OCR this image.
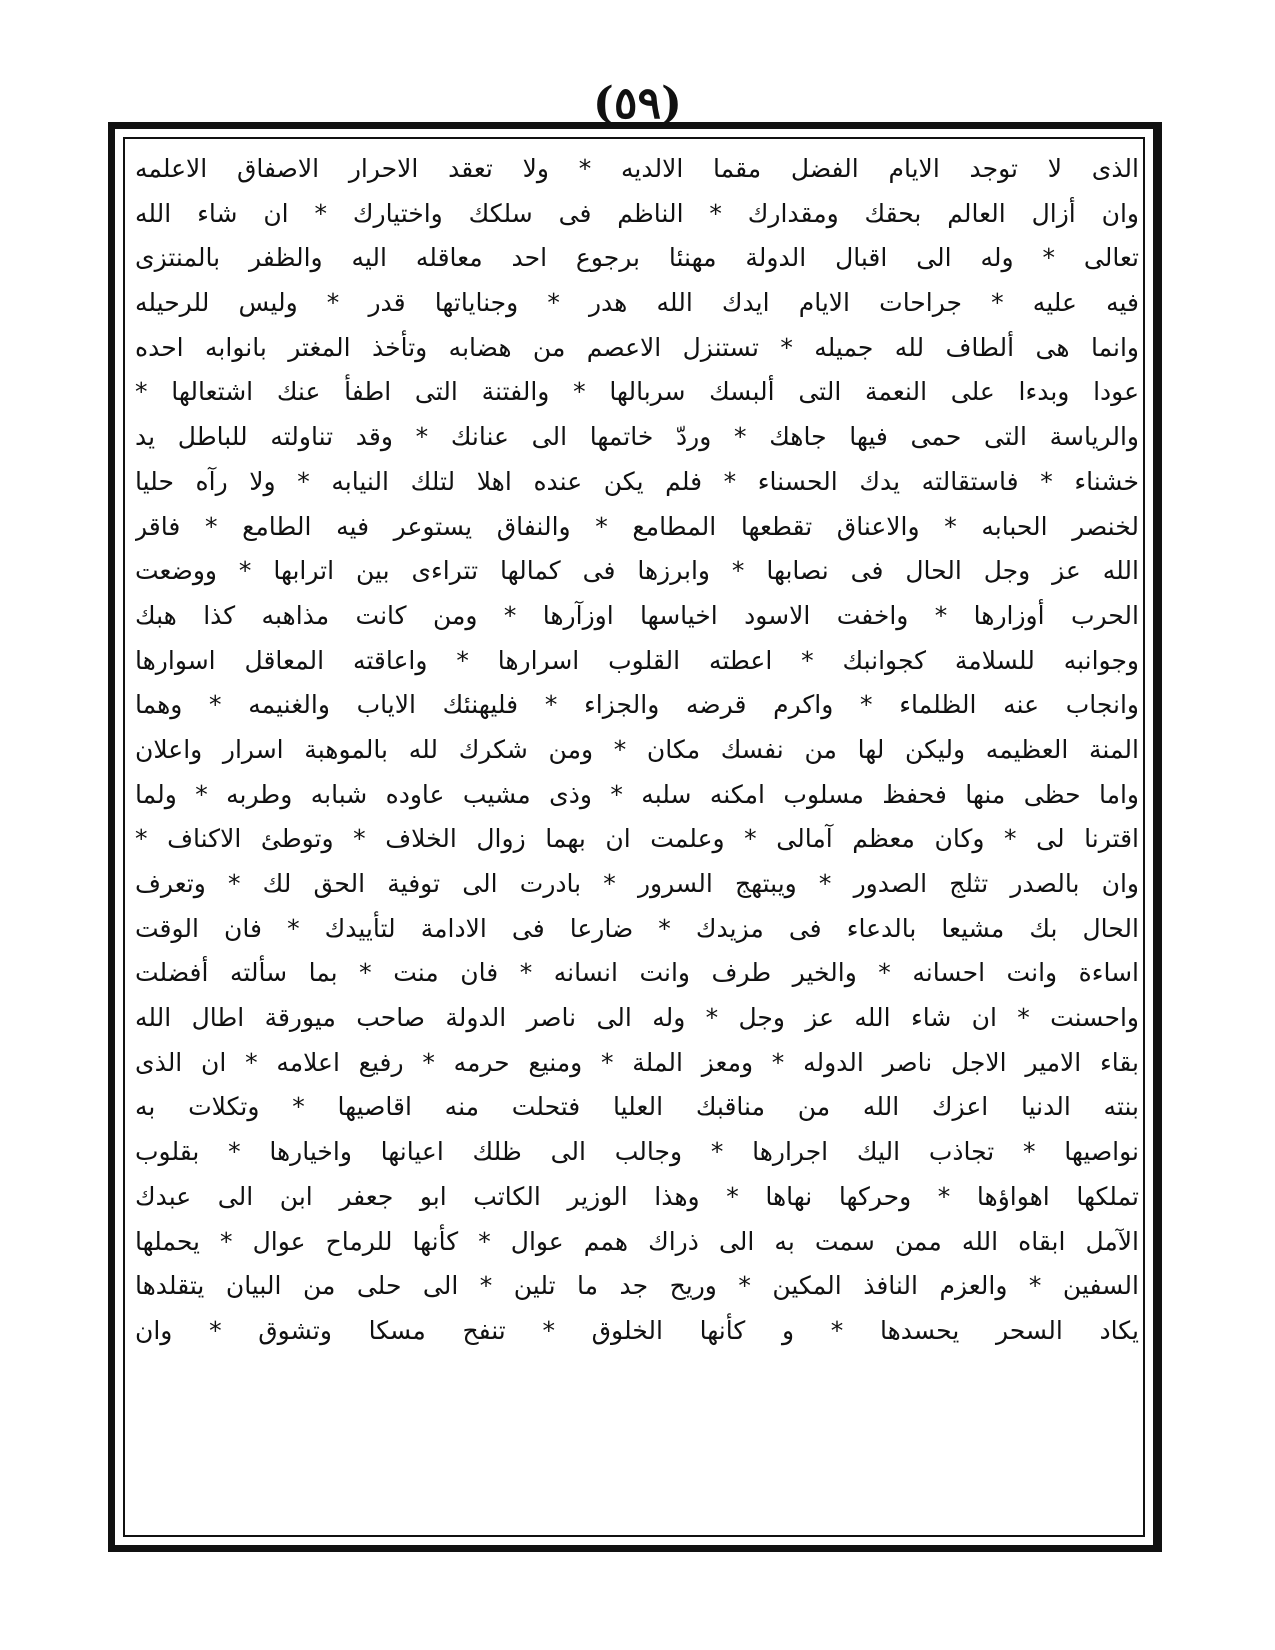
(٥٩)
الذى لا توجد الايام الفضل مقما الالديه * ولا تعقد الاحرار الاصفاق الاعلمه
وان أزال العالم بحقك ومقدارك * الناظم فى سلكك واختيارك * ان شاء الله
تعالى * وله الى اقبال الدولة مهنئا برجوع احد معاقله اليه والظفر بالمنتزى
فيه عليه * جراحات الايام ايدك الله هدر * وجناياتها قدر * وليس للرحيله
وانما هى ألطاف لله جميله * تستنزل الاعصم من هضابه وتأخذ المغتر بانوابه احده
عودا وبدءا على النعمة التى ألبسك سربالها * والفتنة التى اطفأ عنك اشتعالها *
والرياسة التى حمى فيها جاهك * وردّ خاتمها الى عنانك * وقد تناولته للباطل يد
خشناء * فاستقالته يدك الحسناء * فلم يكن عنده اهلا لتلك النيابه * ولا رآه حليا
لخنصر الحبابه * والاعناق تقطعها المطامع * والنفاق يستوعر فيه الطامع * فاقر
الله عز وجل الحال فى نصابها * وابرزها فى كمالها تتراءى بين اترابها * ووضعت
الحرب أوزارها * واخفت الاسود اخياسها اوزآرها * ومن كانت مذاهبه كذا هبك
وجوانبه للسلامة كجوانبك * اعطته القلوب اسرارها * واعاقته المعاقل اسوارها
وانجاب عنه الظلماء * واكرم قرضه والجزاء * فليهنئك الاياب والغنيمه * وهما
المنة العظيمه وليكن لها من نفسك مكان * ومن شكرك لله بالموهبة اسرار واعلان
واما حظى منها فحفظ مسلوب امكنه سلبه * وذى مشيب عاوده شبابه وطربه * ولما
اقترنا لى * وكان معظم آمالى * وعلمت ان بهما زوال الخلاف * وتوطئ الاكناف *
وان بالصدر تثلج الصدور * ويبتهج السرور * بادرت الى توفية الحق لك * وتعرف
الحال بك مشيعا بالدعاء فى مزيدك * ضارعا فى الادامة لتأييدك * فان الوقت
اساءة وانت احسانه * والخير طرف وانت انسانه * فان منت * بما سألته أفضلت
واحسنت * ان شاء الله عز وجل * وله الى ناصر الدولة صاحب ميورقة اطال الله
بقاء الامير الاجل ناصر الدوله * ومعز الملة * ومنيع حرمه * رفيع اعلامه * ان الذى
بنته الدنيا اعزك الله من مناقبك العليا فتحلت منه اقاصيها * وتكلات به
نواصيها * تجاذب اليك اجرارها * وجالب الى ظلك اعيانها واخيارها * بقلوب
تملكها اهواؤها * وحركها نهاها * وهذا الوزير الكاتب ابو جعفر ابن الى عبدك
الآمل ابقاه الله ممن سمت به الى ذراك همم عوال * كأنها للرماح عوال * يحملها
السفين * والعزم النافذ المكين * وريح جد ما تلين * الى حلى من البيان يتقلدها
يكاد السحر يحسدها * و كأنها الخلوق * تنفح مسكا وتشوق * وان
